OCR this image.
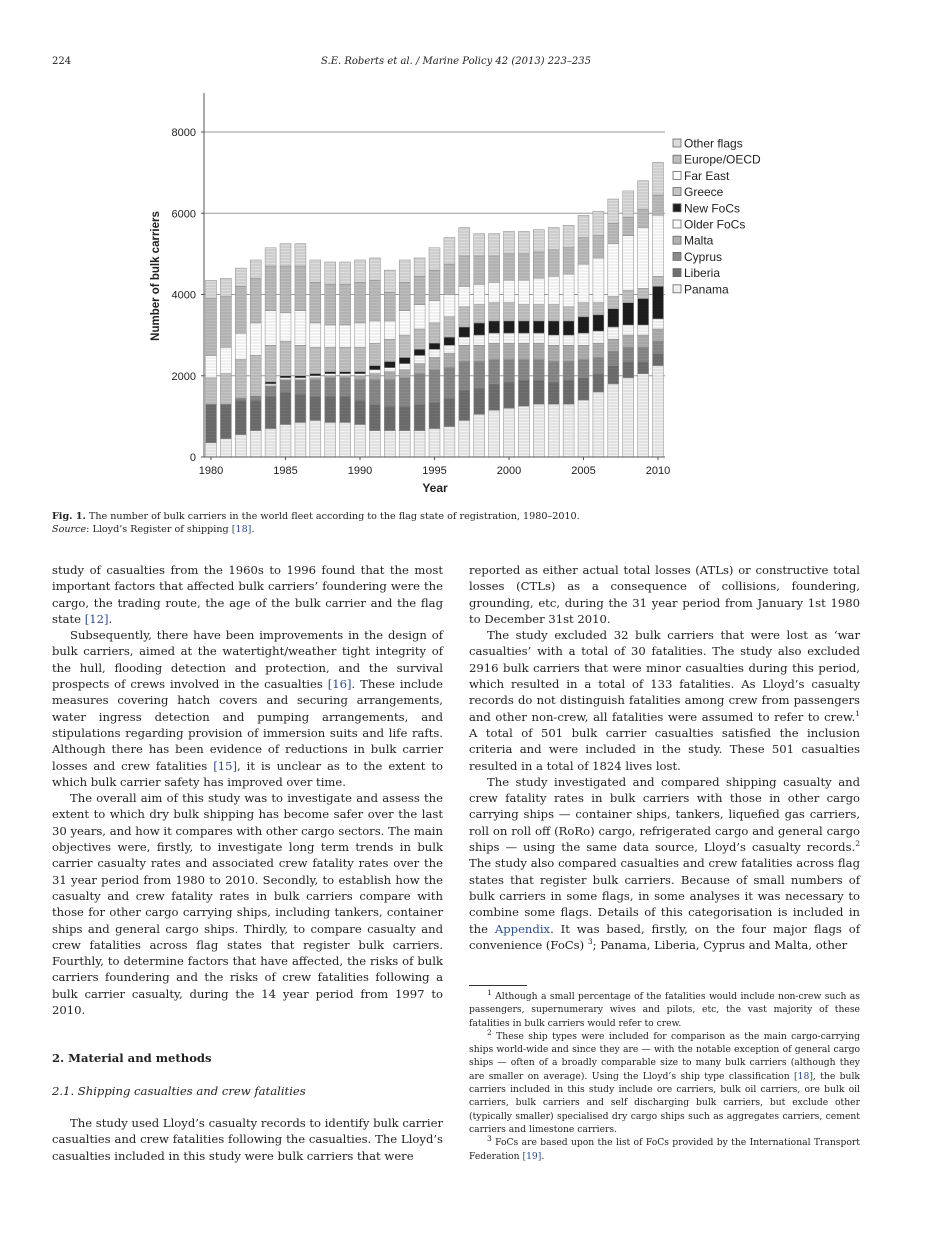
224	S.E. Roberts et al. / Marine Policy 42 (2013) 223–235
0
2000
4000
6000
8000
1980	1985	1990	1995	2000	2005	2010
Year
Number of bulk carriers
Other flags
Europe/OECD
Far East
Greece
New FoCs
Older FoCs
Malta
Cyprus
Liberia
Panama
Fig. 1. The number of bulk carriers in the world fleet according to the flag state of registration, 1980–2010.
Source: Lloyd’s Register of shipping [18].

study of casualties from the 1960s to 1996 found that the most important factors that affected bulk carriers’ foundering were the cargo, the trading route, the age of the bulk carrier and the flag state [12].

Subsequently, there have been improvements in the design of bulk carriers, aimed at the watertight/weather tight integrity of the hull, flooding detection and protection, and the survival prospects of crews involved in the casualties [16]. These include measures covering hatch covers and securing arrangements, water ingress detection and pumping arrangements, and stipulations regarding provision of immersion suits and life rafts. Although there has been evidence of reductions in bulk carrier losses and crew fatalities [15], it is unclear as to the extent to which bulk carrier safety has improved over time.

The overall aim of this study was to investigate and assess the extent to which dry bulk shipping has become safer over the last 30 years, and how it compares with other cargo sectors. The main objectives were, firstly, to investigate long term trends in bulk carrier casualty rates and associated crew fatality rates over the 31 year period from 1980 to 2010. Secondly, to establish how the casualty and crew fatality rates in bulk carriers compare with those for other cargo carrying ships, including tankers, container ships and general cargo ships. Thirdly, to compare casualty and crew fatalities across flag states that register bulk carriers. Fourthly, to determine factors that have affected, the risks of bulk carriers foundering and the risks of crew fatalities following a bulk carrier casualty, during the 14 year period from 1997 to 2010.

2. Material and methods
2.1. Shipping casualties and crew fatalities

The study used Lloyd’s casualty records to identify bulk carrier casualties and crew fatalities following the casualties. The Lloyd’s casualties included in this study were bulk carriers that were

reported as either actual total losses (ATLs) or constructive total losses (CTLs) as a consequence of collisions, foundering, grounding, etc, during the 31 year period from January 1st 1980 to December 31st 2010.

The study excluded 32 bulk carriers that were lost as ‘war casualties’ with a total of 30 fatalities. The study also excluded 2916 bulk carriers that were minor casualties during this period, which resulted in a total of 133 fatalities. As Lloyd’s casualty records do not distinguish fatalities among crew from passengers and other non-crew, all fatalities were assumed to refer to crew.$^1$ A total of 501 bulk carrier casualties satisfied the inclusion criteria and were included in the study. These 501 casualties resulted in a total of 1824 lives lost.

The study investigated and compared shipping casualty and crew fatality rates in bulk carriers with those in other cargo carrying ships — container ships, tankers, liquefied gas carriers, roll on roll off (RoRo) cargo, refrigerated cargo and general cargo ships — using the same data source, Lloyd’s casualty records.$^2$ The study also compared casualties and crew fatalities across flag states that register bulk carriers. Because of small numbers of bulk carriers in some flags, in some analyses it was necessary to combine some flags. Details of this categorisation is included in the Appendix. It was based, firstly, on the four major flags of convenience (FoCs) $^3$; Panama, Liberia, Cyprus and Malta, other

$^1$ Although a small percentage of the fatalities would include non-crew such as passengers, supernumerary wives and pilots, etc, the vast majority of these fatalities in bulk carriers would refer to crew.

$^2$ These ship types were included for comparison as the main cargo-carrying ships world-wide and since they are — with the notable exception of general cargo ships — often of a broadly comparable size to many bulk carriers (although they are smaller on average). Using the Lloyd’s ship type classification [18], the bulk carriers included in this study include ore carriers, bulk oil carriers, ore bulk oil carriers, bulk carriers and self discharging bulk carriers, but exclude other (typically smaller) specialised dry cargo ships such as aggregates carriers, cement carriers and limestone carriers.

$^3$ FoCs are based upon the list of FoCs provided by the International Transport Federation [19].
